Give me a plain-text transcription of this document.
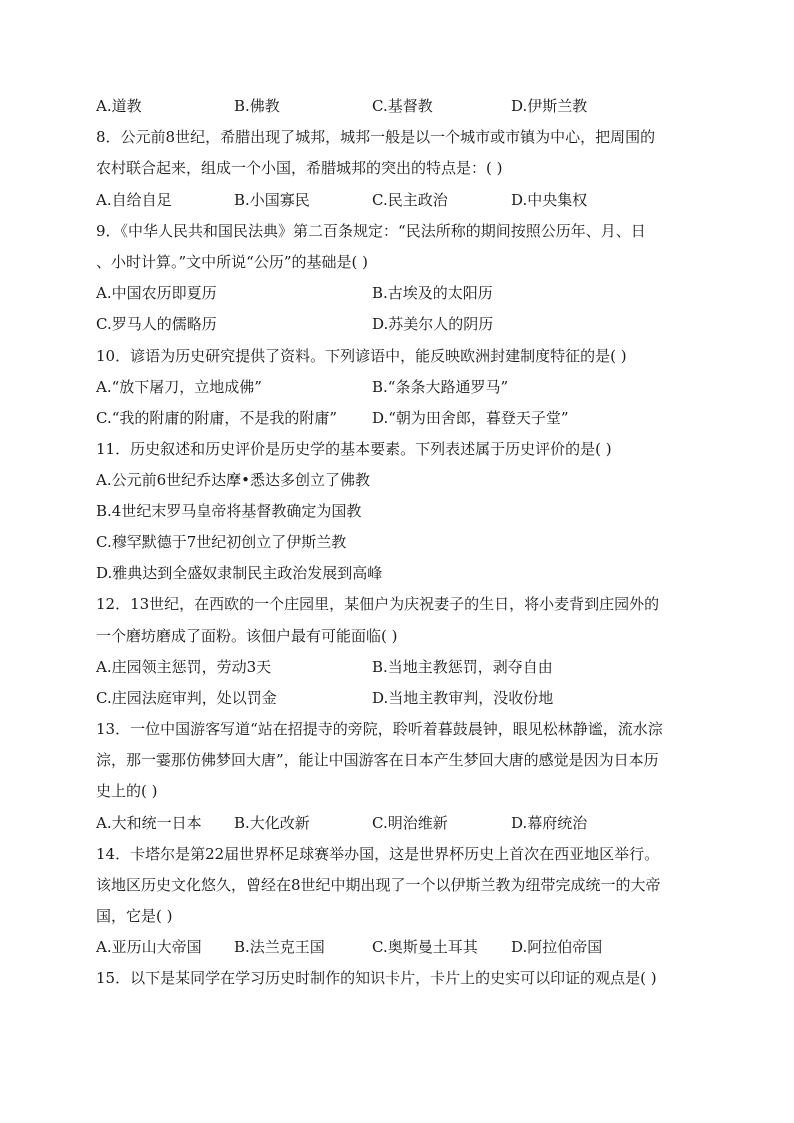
A.道教	B.佛教	C.基督教	D.伊斯兰教
8．公元前8世纪，希腊出现了城邦，城邦一般是以一个城市或市镇为中心，把周围的
农村联合起来，组成一个小国，希腊城邦的突出的特点是：( )
A.自给自足	B.小国寡民	C.民主政治	D.中央集权
9．《中华人民共和国民法典》第二百条规定：“民法所称的期间按照公历年、月、日
、小时计算。”文中所说“公历”的基础是( )
A.中国农历即夏历	B.古埃及的太阳历
C.罗马人的儒略历	D.苏美尔人的阴历
10．谚语为历史研究提供了资料。下列谚语中，能反映欧洲封建制度特征的是( )
A.“放下屠刀，立地成佛”	B.“条条大路通罗马”
C.“我的附庸的附庸，不是我的附庸” D.“朝为田舍郎，暮登天子堂”
11．历史叙述和历史评价是历史学的基本要素。下列表述属于历史评价的是( )
A.公元前6世纪乔达摩•悉达多创立了佛教
B.4世纪末罗马皇帝将基督教确定为国教
C.穆罕默德于7世纪初创立了伊斯兰教
D.雅典达到全盛奴隶制民主政治发展到高峰
12．13世纪，在西欧的一个庄园里，某佃户为庆祝妻子的生日，将小麦背到庄园外的
一个磨坊磨成了面粉。该佃户最有可能面临( )
A.庄园领主惩罚，劳动3天	B.当地主教惩罚，剥夺自由
C.庄园法庭审判，处以罚金	D.当地主教审判，没收份地
13．一位中国游客写道“站在招提寺的旁院，聆听着暮鼓晨钟，眼见松林静谧，流水淙
淙，那一霎那仿佛梦回大唐”，能让中国游客在日本产生梦回大唐的感觉是因为日本历
史上的( )
A.大和统一日本 B.大化改新	C.明治维新	D.幕府统治
14．卡塔尔是第22届世界杯足球赛举办国，这是世界杯历史上首次在西亚地区举行。
该地区历史文化悠久，曾经在8世纪中期出现了一个以伊斯兰教为纽带完成统一的大帝
国，它是( )
A.亚历山大帝国 B.法兰克王国	C.奥斯曼土耳其 D.阿拉伯帝国
15．以下是某同学在学习历史时制作的知识卡片，卡片上的史实可以印证的观点是( )
